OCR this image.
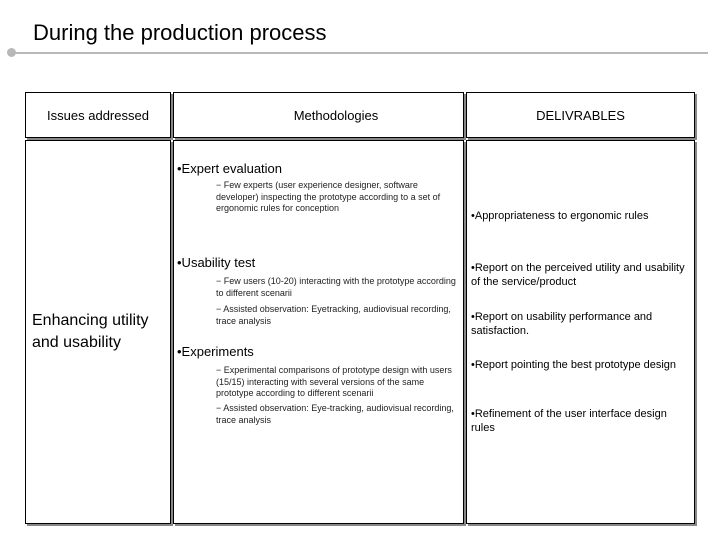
During the production process
Issues addressed	Methodologies	DELIVRABLES
Enhancing utility
and usability
•Expert evaluation
− Few experts (user experience designer, software developer) inspecting the prototype according to a set of ergonomic rules for conception
•Usability test
− Few users (10-20) interacting with the prototype according to different scenarii
− Assisted observation: Eyetracking, audiovisual recording, trace analysis
•Experiments
− Experimental comparisons of prototype design with users (15/15) interacting with several versions of the same prototype according to different scenarii
− Assisted observation: Eye-tracking, audiovisual recording, trace analysis
•Appropriateness to ergonomic rules
•Report on the perceived utility and usability of the service/product
•Report on usability performance and satisfaction.
•Report pointing the best prototype design
•Refinement of the user interface design rules
